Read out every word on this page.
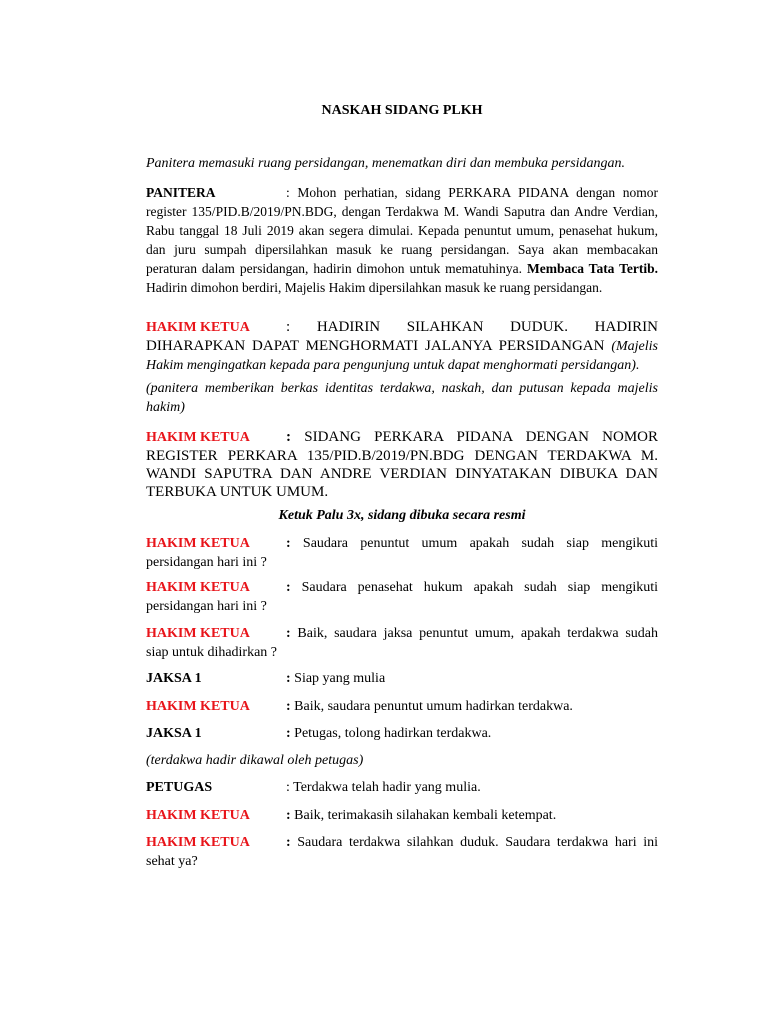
NASKAH SIDANG PLKH
Panitera memasuki ruang persidangan, menematkan diri dan membuka persidangan.
PANITERA	: Mohon perhatian, sidang PERKARA PIDANA dengan nomor register 135/PID.B/2019/PN.BDG, dengan Terdakwa M. Wandi Saputra dan Andre Verdian, Rabu tanggal 18 Juli 2019 akan segera dimulai. Kepada penuntut umum, penasehat hukum, dan juru sumpah dipersilahkan masuk ke ruang persidangan. Saya akan membacakan peraturan dalam persidangan, hadirin dimohon untuk mematuhinya. Membaca Tata Tertib. Hadirin dimohon berdiri, Majelis Hakim dipersilahkan masuk ke ruang persidangan.
HAKIM KETUA : HADIRIN SILAHKAN DUDUK. HADIRIN DIHARAPKAN DAPAT MENGHORMATI JALANYA PERSIDANGAN (Majelis Hakim mengingatkan kepada para pengunjung untuk dapat menghormati persidangan).
(panitera memberikan berkas identitas terdakwa, naskah, dan putusan kepada majelis hakim)
HAKIM KETUA : SIDANG PERKARA PIDANA DENGAN NOMOR REGISTER PERKARA 135/PID.B/2019/PN.BDG DENGAN TERDAKWA M. WANDI SAPUTRA DAN ANDRE VERDIAN DINYATAKAN DIBUKA DAN TERBUKA UNTUK UMUM.
Ketuk Palu 3x, sidang dibuka secara resmi
HAKIM KETUA	: Saudara penuntut umum apakah sudah siap mengikuti persidangan hari ini ?
HAKIM KETUA	: Saudara penasehat hukum apakah sudah siap mengikuti persidangan hari ini ?
HAKIM KETUA	: Baik, saudara jaksa penuntut umum, apakah terdakwa sudah siap untuk dihadirkan ?
JAKSA 1	: Siap yang mulia
HAKIM KETUA	: Baik, saudara penuntut umum hadirkan terdakwa.
JAKSA 1	: Petugas, tolong hadirkan terdakwa.
(terdakwa hadir dikawal oleh petugas)
PETUGAS	: Terdakwa telah hadir yang mulia.
HAKIM KETUA	: Baik, terimakasih silahakan kembali ketempat.
HAKIM KETUA	: Saudara terdakwa silahkan duduk. Saudara terdakwa hari ini sehat ya?
